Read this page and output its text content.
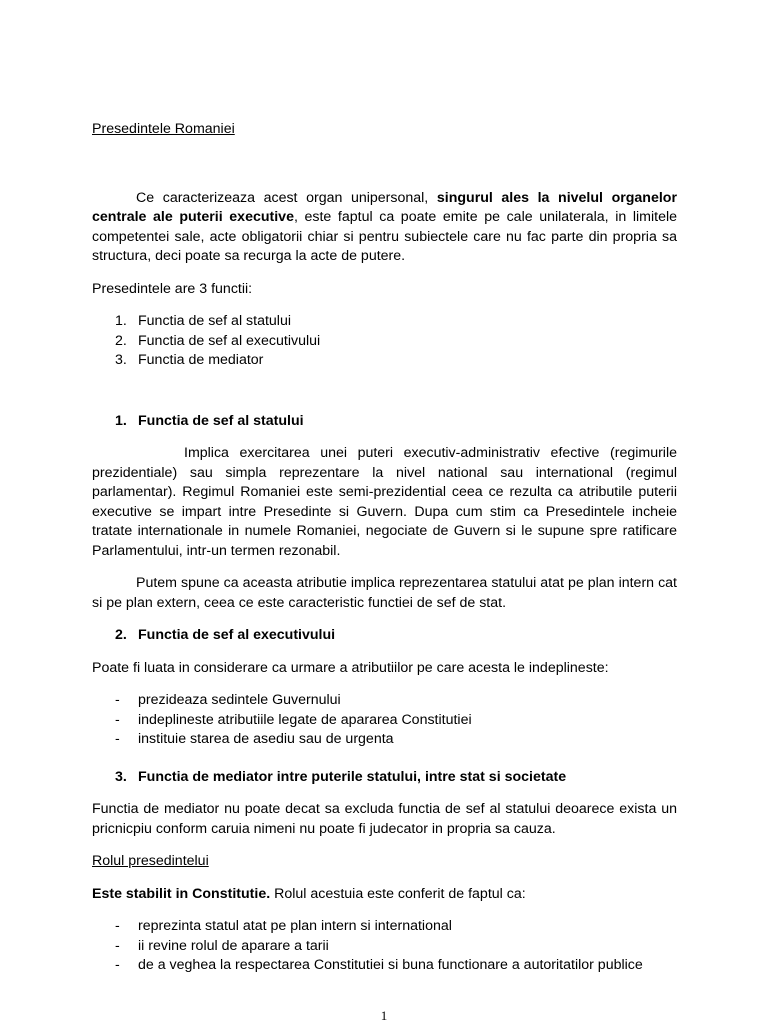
Presedintele Romaniei

Ce caracterizeaza acest organ unipersonal, singurul ales la nivelul organelor centrale ale puterii executive, este faptul ca poate emite pe cale unilaterala, in limitele competentei sale, acte obligatorii chiar si pentru subiectele care nu fac parte din propria sa structura, deci poate sa recurga la acte de putere.

Presedintele are 3 functii:

1. Functia de sef al statului
2. Functia de sef al executivului
3. Functia de mediator

1. Functia de sef al statului

Implica exercitarea unei puteri executiv-administrativ efective (regimurile prezidentiale) sau simpla reprezentare la nivel national sau international (regimul parlamentar). Regimul Romaniei este semi-prezidential ceea ce rezulta ca atributile puterii executive se impart intre Presedinte si Guvern. Dupa cum stim ca Presedintele incheie tratate internationale in numele Romaniei, negociate de Guvern si le supune spre ratificare Parlamentului, intr-un termen rezonabil.

Putem spune ca aceasta atributie implica reprezentarea statului atat pe plan intern cat si pe plan extern, ceea ce este caracteristic functiei de sef de stat.

2. Functia de sef al executivului

Poate fi luata in considerare ca urmare a atributiilor pe care acesta le indeplineste:

- prezideaza sedintele Guvernului
- indeplineste atributiile legate de apararea Constitutiei
- instituie starea de asediu sau de urgenta

3. Functia de mediator intre puterile statului, intre stat si societate

Functia de mediator nu poate decat sa excluda functia de sef al statului deoarece exista un pricnicpiu conform caruia nimeni nu poate fi judecator in propria sa cauza.

Rolul presedintelui

Este stabilit in Constitutie. Rolul acestuia este conferit de faptul ca:

- reprezinta statul atat pe plan intern si international
- ii revine rolul de aparare a tarii
- de a veghea la respectarea Constitutiei si buna functionare a autoritatilor publice
1
